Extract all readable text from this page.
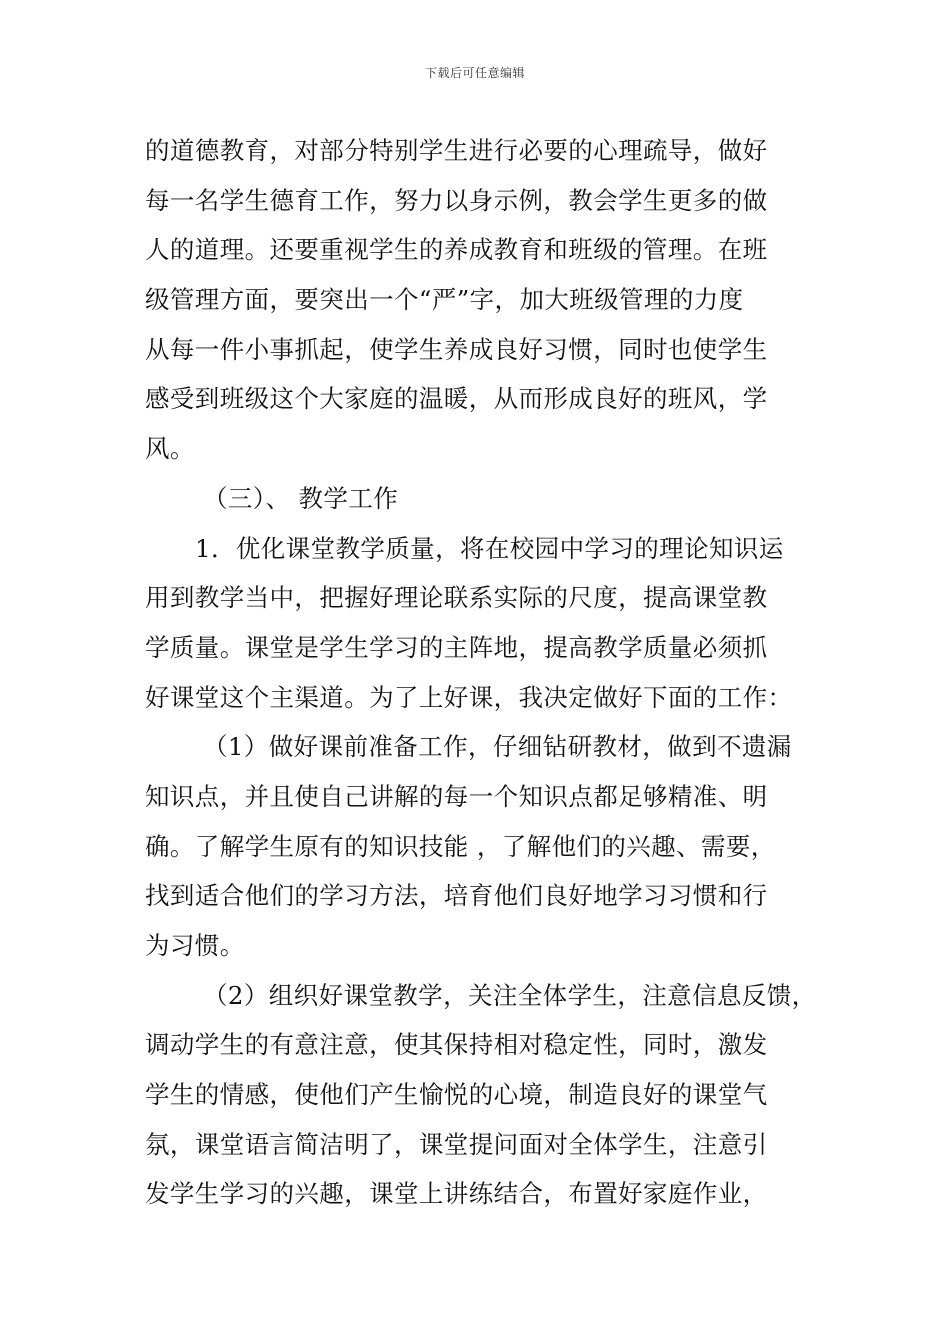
下载后可任意编辑
的道德教育，对部分特别学生进行必要的心理疏导，做好
每一名学生德育工作，努力以身示例，教会学生更多的做
人的道理。还要重视学生的养成教育和班级的管理。在班
级管理方面，要突出一个“严”字，加大班级管理的力度
从每一件小事抓起，使学生养成良好习惯，同时也使学生
感受到班级这个大家庭的温暖，从而形成良好的班风，学
风。
（三）、 教学工作
1．优化课堂教学质量，将在校园中学习的理论知识运
用到教学当中，把握好理论联系实际的尺度，提高课堂教
学质量。课堂是学生学习的主阵地，提高教学质量必须抓
好课堂这个主渠道。为了上好课，我决定做好下面的工作：
（1）做好课前准备工作，仔细钻研教材，做到不遗漏
知识点，并且使自己讲解的每一个知识点都足够精准、明
确。了解学生原有的知识技能 ，了解他们的兴趣、需要，
找到适合他们的学习方法，培育他们良好地学习习惯和行
为习惯。
（2）组织好课堂教学，关注全体学生，注意信息反馈，
调动学生的有意注意，使其保持相对稳定性，同时，激发
学生的情感，使他们产生愉悦的心境，制造良好的课堂气
氛，课堂语言简洁明了，课堂提问面对全体学生，注意引
发学生学习的兴趣，课堂上讲练结合，布置好家庭作业，
